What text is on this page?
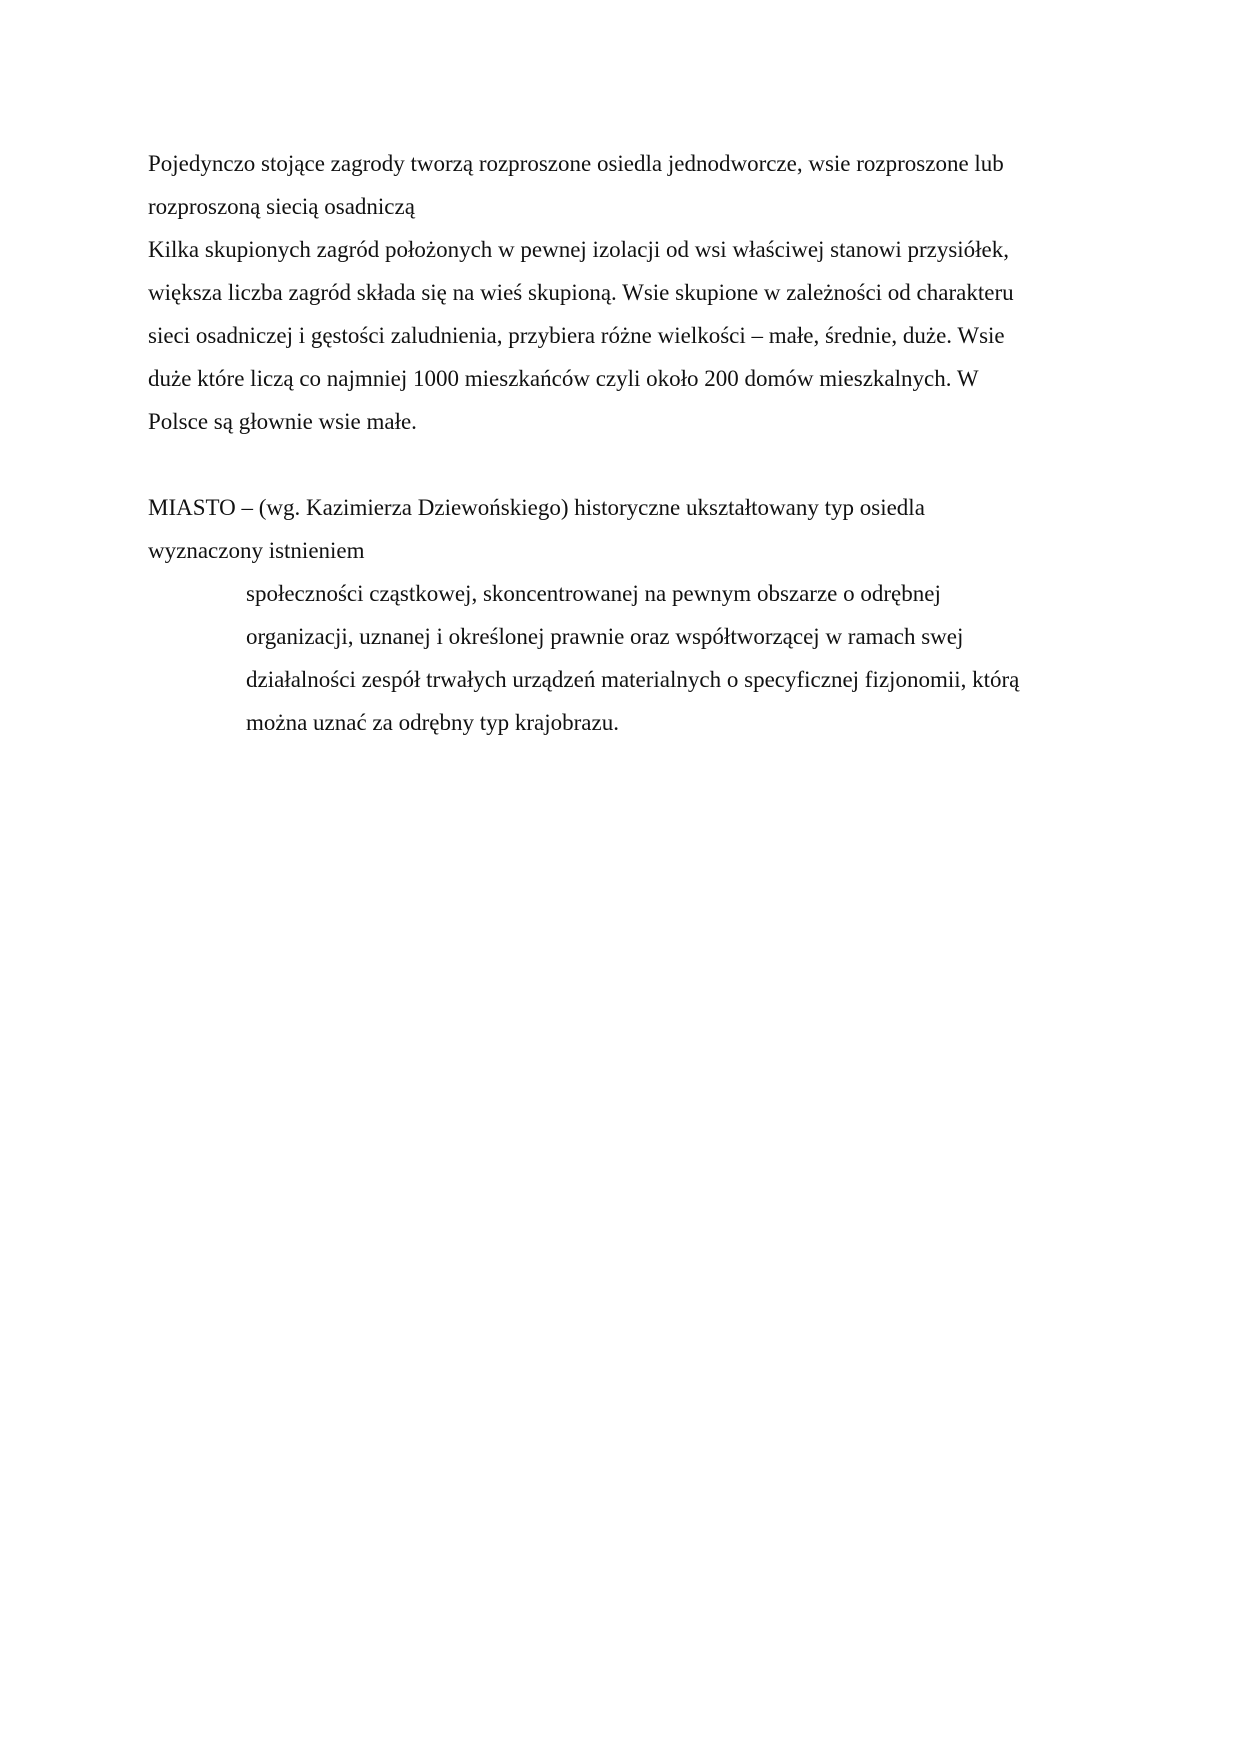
Pojedynczo stojące zagrody tworzą rozproszone osiedla jednodworcze, wsie rozproszone lub
rozproszoną siecią osadniczą

Kilka skupionych zagród położonych w pewnej izolacji od wsi właściwej stanowi przysiółek,
większa liczba zagród składa się na wieś skupioną. Wsie skupione w zależności od charakteru
sieci osadniczej i gęstości zaludnienia, przybiera różne wielkości – małe, średnie, duże. Wsie
duże które liczą co najmniej 1000 mieszkańców czyli około 200 domów mieszkalnych. W
Polsce są głownie wsie małe.

MIASTO – (wg. Kazimierza Dziewońskiego) historyczne ukształtowany typ osiedla
wyznaczony istnieniem

społeczności cząstkowej, skoncentrowanej na pewnym obszarze o odrębnej
organizacji, uznanej i określonej prawnie oraz współtworzącej w ramach swej
działalności zespół trwałych urządzeń materialnych o specyficznej fizjonomii, którą
można uznać za odrębny typ krajobrazu.
